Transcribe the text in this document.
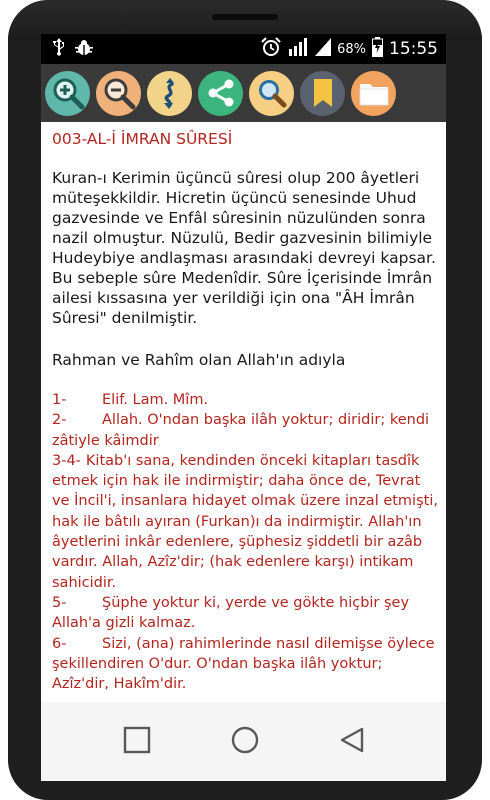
68% 15:55
003-AL-İ İMRAN SÛRESİ
Kuran-ı Kerimin üçüncü sûresi olup 200 âyetleri müteşekkildir. Hicretin üçüncü senesinde Uhud gazvesinde ve Enfâl sûresinin nüzulünden sonra nazil olmuştur. Nüzulü, Bedir gazvesinin bilimiyle Hudeybiye andlaşması arasındaki devreyi kapsar. Bu sebeple sûre Medenîdir. Sûre İçerisinde İmrân ailesi kıssasına yer verildiği için ona "ÂH İmrân Sûresi" denilmiştir.
Rahman ve Rahîm olan Allah'ın adıyla
1- Elif. Lam. Mîm.
2- Allah. O'ndan başka ilâh yoktur; diridir; kendi zâtiyle kâimdir
3-4- Kitab'ı sana, kendinden önceki kitapları tasdîk etmek için hak ile indirmiştir; daha önce de, Tevrat ve İncil'i, insanlara hidayet olmak üzere inzal etmişti, hak ile bâtılı ayıran (Furkan)ı da indirmiştir. Allah'ın âyetlerini inkâr edenlere, şüphesiz şiddetli bir azâb vardır. Allah, Azîz'dir; (hak edenlere karşı) intikam sahicidir.
5- Şüphe yoktur ki, yerde ve gökte hiçbir şey Allah'a gizli kalmaz.
6- Sizi, (ana) rahimlerinde nasıl dilemişse öylece şekillendiren O'dur. O'ndan başka ilâh yoktur; Azîz'dir, Hakîm'dir.
